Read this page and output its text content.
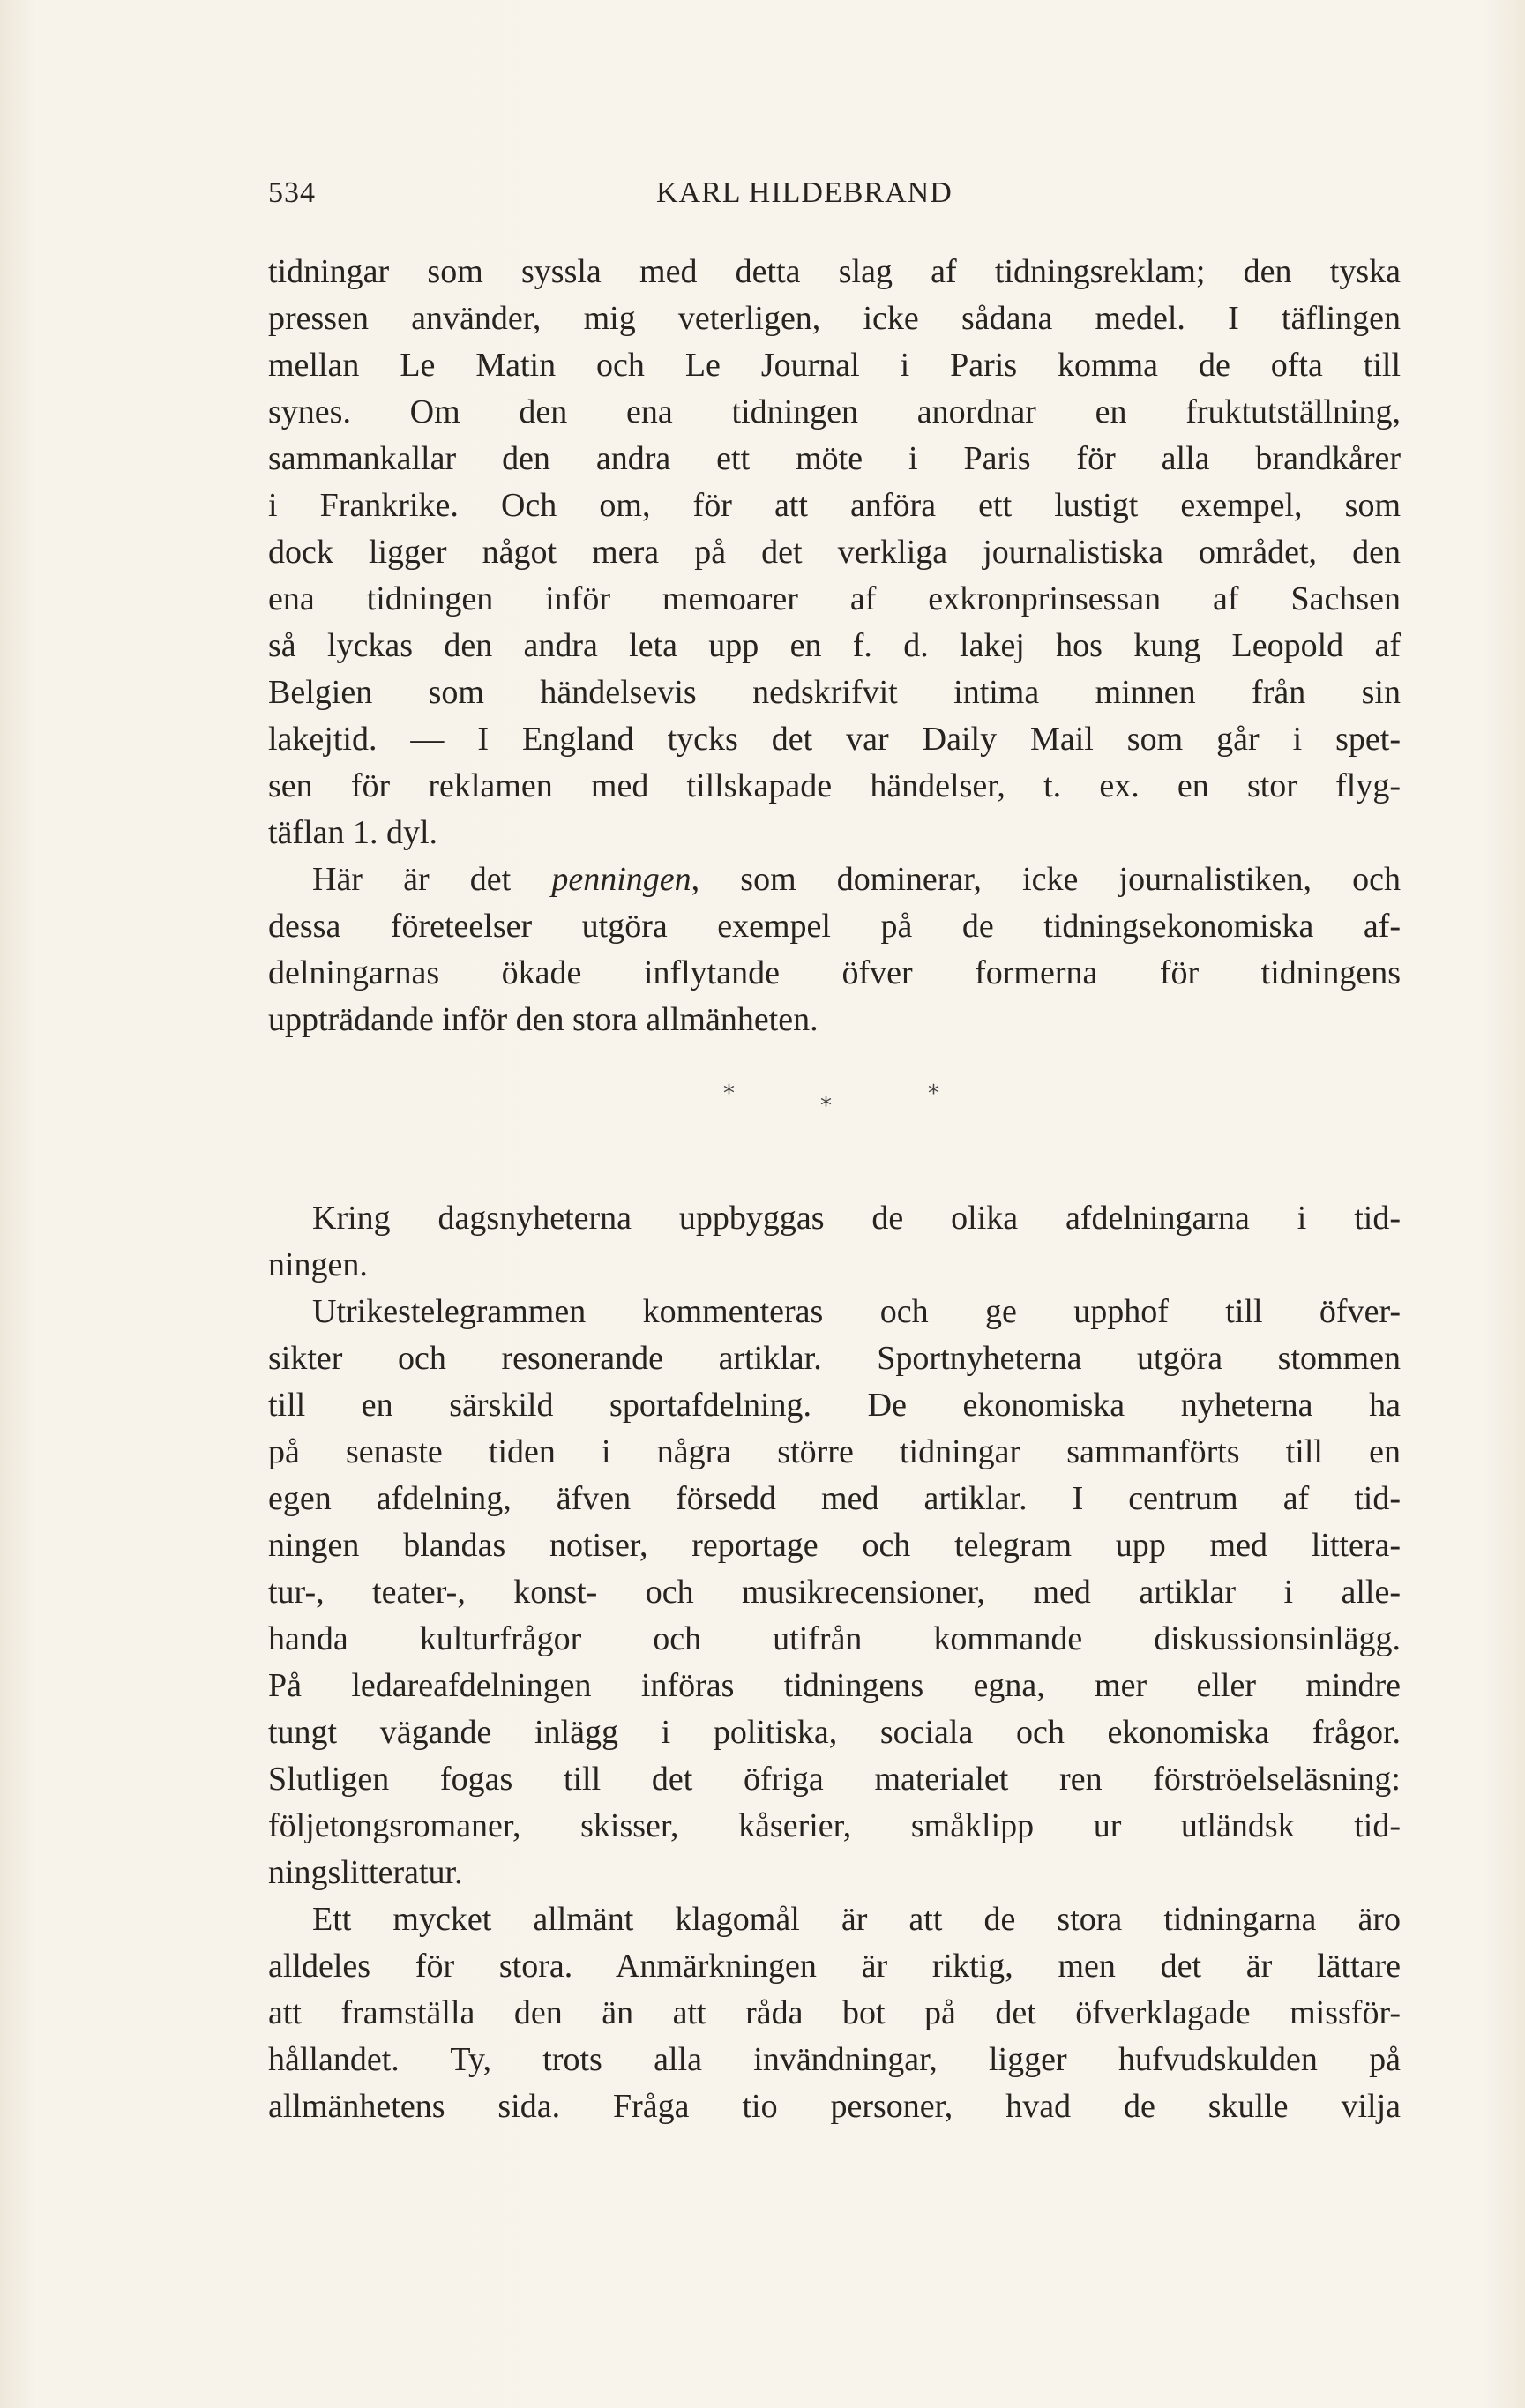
534	KARL HILDEBRAND
tidningar som syssla med detta slag af tidningsreklam; den tyska
pressen använder, mig veterligen, icke sådana medel. I täflingen
mellan Le Matin och Le Journal i Paris komma de ofta till
synes. Om den ena tidningen anordnar en fruktutställning,
sammankallar den andra ett möte i Paris för alla brandkårer
i Frankrike. Och om, för att anföra ett lustigt exempel, som
dock ligger något mera på det verkliga journalistiska området, den
ena tidningen inför memoarer af exkronprinsessan af Sachsen
så lyckas den andra leta upp en f. d. lakej hos kung Leopold af
Belgien som händelsevis nedskrifvit intima minnen från sin
lakejtid. — I England tycks det var Daily Mail som går i spet-
sen för reklamen med tillskapade händelser, t. ex. en stor flyg-
täflan 1. dyl.
Här är det penningen, som dominerar, icke journalistiken, och
dessa företeelser utgöra exempel på de tidningsekonomiska af-
delningarnas ökade inflytande öfver formerna för tidningens
uppträdande inför den stora allmänheten.
*	*	*
Kring dagsnyheterna uppbyggas de olika afdelningarna i tid-
ningen.
Utrikestelegrammen kommenteras och ge upphof till öfver-
sikter och resonerande artiklar. Sportnyheterna utgöra stommen
till en särskild sportafdelning. De ekonomiska nyheterna ha
på senaste tiden i några större tidningar sammanförts till en
egen afdelning, äfven försedd med artiklar. I centrum af tid-
ningen blandas notiser, reportage och telegram upp med littera-
tur-, teater-, konst- och musikrecensioner, med artiklar i alle-
handa kulturfrågor och utifrån kommande diskussionsinlägg.
På ledareafdelningen införas tidningens egna, mer eller mindre
tungt vägande inlägg i politiska, sociala och ekonomiska frågor.
Slutligen fogas till det öfriga materialet ren förströelseläsning:
följetongsromaner, skisser, kåserier, småklipp ur utländsk tid-
ningslitteratur.
Ett mycket allmänt klagomål är att de stora tidningarna äro
alldeles för stora. Anmärkningen är riktig, men det är lättare
att framställa den än att råda bot på det öfverklagade missför-
hållandet. Ty, trots alla invändningar, ligger hufvudskulden på
allmänhetens sida. Fråga tio personer, hvad de skulle vilja
